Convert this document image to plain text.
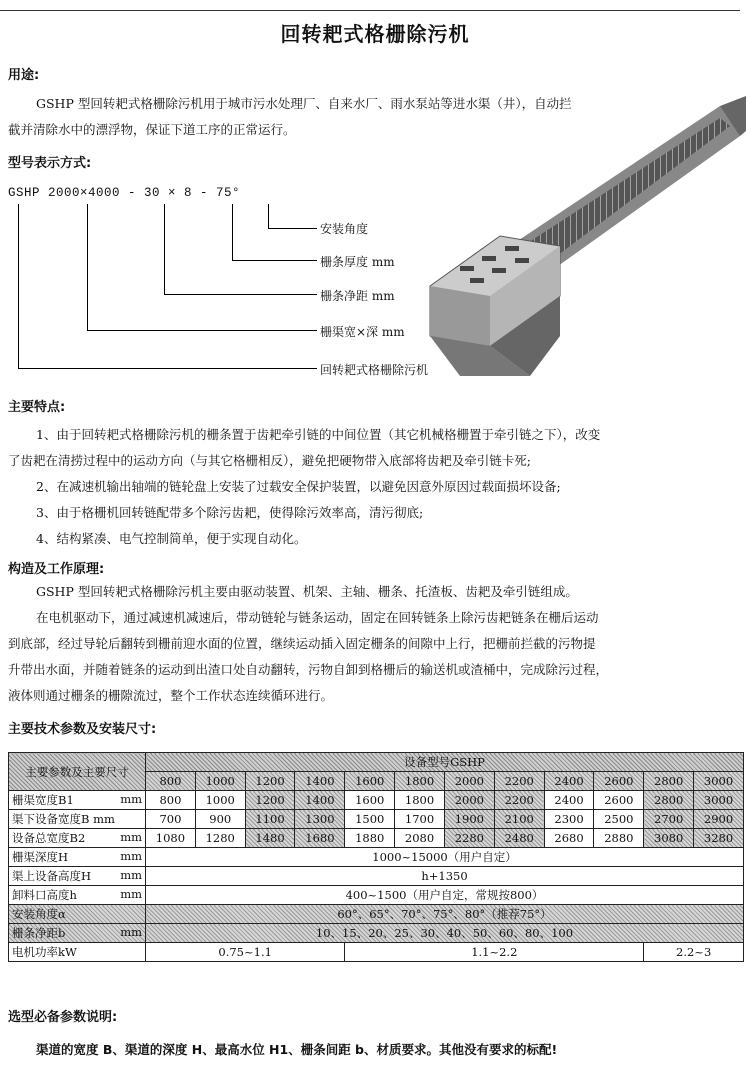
回转耙式格栅除污机
用途:
GSHP 型回转耙式格栅除污机用于城市污水处理厂、自来水厂、雨水泵站等进水渠（井），自动拦
截并清除水中的漂浮物，保证下道工序的正常运行。
型号表示方式:
GSHP 2000×4000 - 30 × 8 - 75°
安装角度
栅条厚度 mm
栅条净距 mm
栅渠宽×深 mm
回转耙式格栅除污机
主要特点:
1、由于回转耙式格栅除污机的栅条置于齿耙牵引链的中间位置（其它机械格栅置于牵引链之下），改变
了齿耙在清捞过程中的运动方向（与其它格栅相反），避免把硬物带入底部将齿耙及牵引链卡死;
2、在减速机输出轴端的链轮盘上安装了过载安全保护装置，以避免因意外原因过载面损坏设备;
3、由于格栅机回转链配带多个除污齿耙，使得除污效率高，清污彻底;
4、结构紧凑、电气控制简单，便于实现自动化。
构造及工作原理:
GSHP 型回转耙式格栅除污机主要由驱动装置、机架、主轴、栅条、托渣板、齿耙及牵引链组成。
在电机驱动下，通过减速机减速后，带动链轮与链条运动，固定在回转链条上除污齿耙链条在栅后运动
到底部，经过导轮后翻转到栅前迎水面的位置，继续运动插入固定栅条的间隙中上行，把栅前拦截的污物提
升带出水面，并随着链条的运动到出渣口处自动翻转，污物自卸到格栅后的输送机或渣桶中，完成除污过程，
液体则通过栅条的栅隙流过，整个工作状态连续循环进行。
主要技术参数及安装尺寸:
主要参数及主要尺寸	设备型号GSHP											
	800	1000	1200	1400	1600	1800	2000	2200	2400	2600	2800	3000
栅渠宽度B1 mm	800	1000	1200	1400	1600	1800	2000	2200	2400	2600	2800	3000
渠下设备宽度B mm	700	900	1100	1300	1500	1700	1900	2100	2300	2500	2700	2900
设备总宽度B2 mm	1080	1280	1480	1680	1880	2080	2280	2480	2680	2880	3080	3280
栅渠深度H mm	1000~15000（用户自定）											
渠上设备高度H mm	h+1350											
卸料口高度h mm	400~1500（用户自定，常规按800）											
安装角度α	60°、65°、70°、75°、80°（推荐75°）											
栅条净距b mm	10、15、20、25、30、40、50、60、80、100											
电机功率kW	0.75~1.1				1.1~2.2						2.2~3	
选型必备参数说明:
渠道的宽度 B、渠道的深度 H、最高水位 H1、栅条间距 b、材质要求。其他没有要求的标配!
